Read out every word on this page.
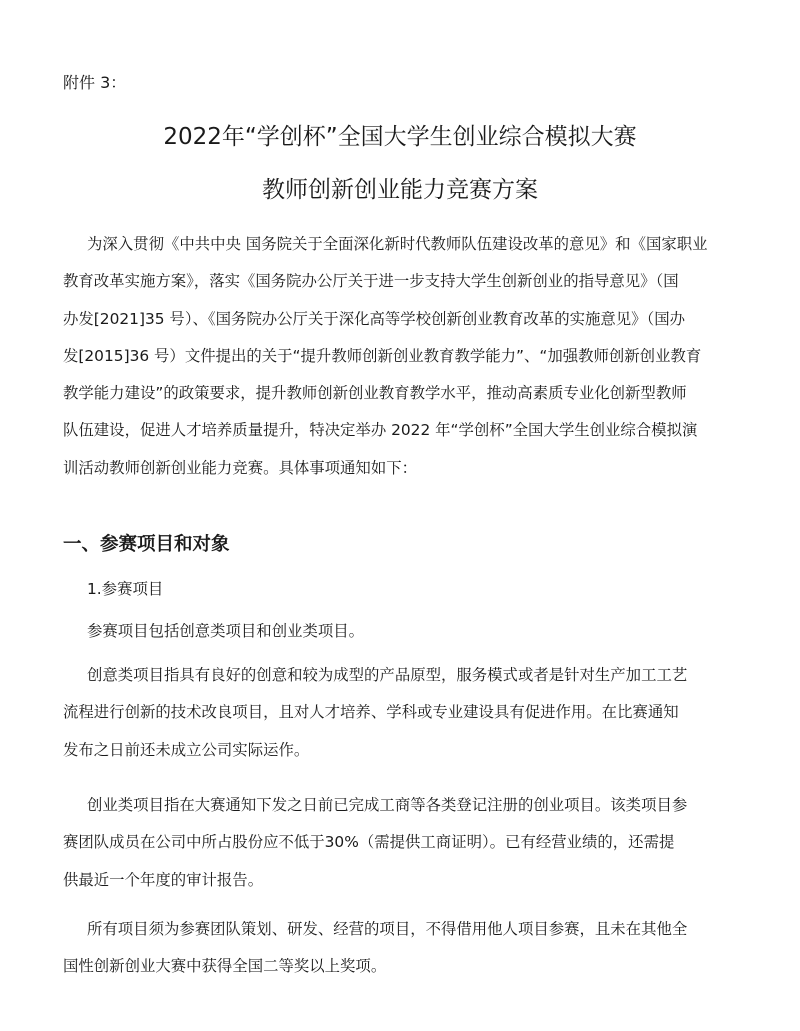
附件 3：
2022年“学创杯”全国大学生创业综合模拟大赛
教师创新创业能力竞赛方案
为深入贯彻《中共中央 国务院关于全面深化新时代教师队伍建设改革的意见》和《国家职业
教育改革实施方案》，落实《国务院办公厅关于进一步支持大学生创新创业的指导意见》（国
办发[2021]35 号）、《国务院办公厅关于深化高等学校创新创业教育改革的实施意见》（国办
发[2015]36 号）文件提出的关于“提升教师创新创业教育教学能力”、“加强教师创新创业教育
教学能力建设”的政策要求，提升教师创新创业教育教学水平，推动高素质专业化创新型教师
队伍建设，促进人才培养质量提升，特决定举办 2022 年“学创杯”全国大学生创业综合模拟演
训活动教师创新创业能力竞赛。具体事项通知如下：
一、参赛项目和对象
1.参赛项目
参赛项目包括创意类项目和创业类项目。
创意类项目指具有良好的创意和较为成型的产品原型，服务模式或者是针对生产加工工艺
流程进行创新的技术改良项目，且对人才培养、学科或专业建设具有促进作用。在比赛通知
发布之日前还未成立公司实际运作。
创业类项目指在大赛通知下发之日前已完成工商等各类登记注册的创业项目。该类项目参
赛团队成员在公司中所占股份应不低于30%（需提供工商证明）。已有经营业绩的，还需提
供最近一个年度的审计报告。
所有项目须为参赛团队策划、研发、经营的项目，不得借用他人项目参赛，且未在其他全
国性创新创业大赛中获得全国二等奖以上奖项。
